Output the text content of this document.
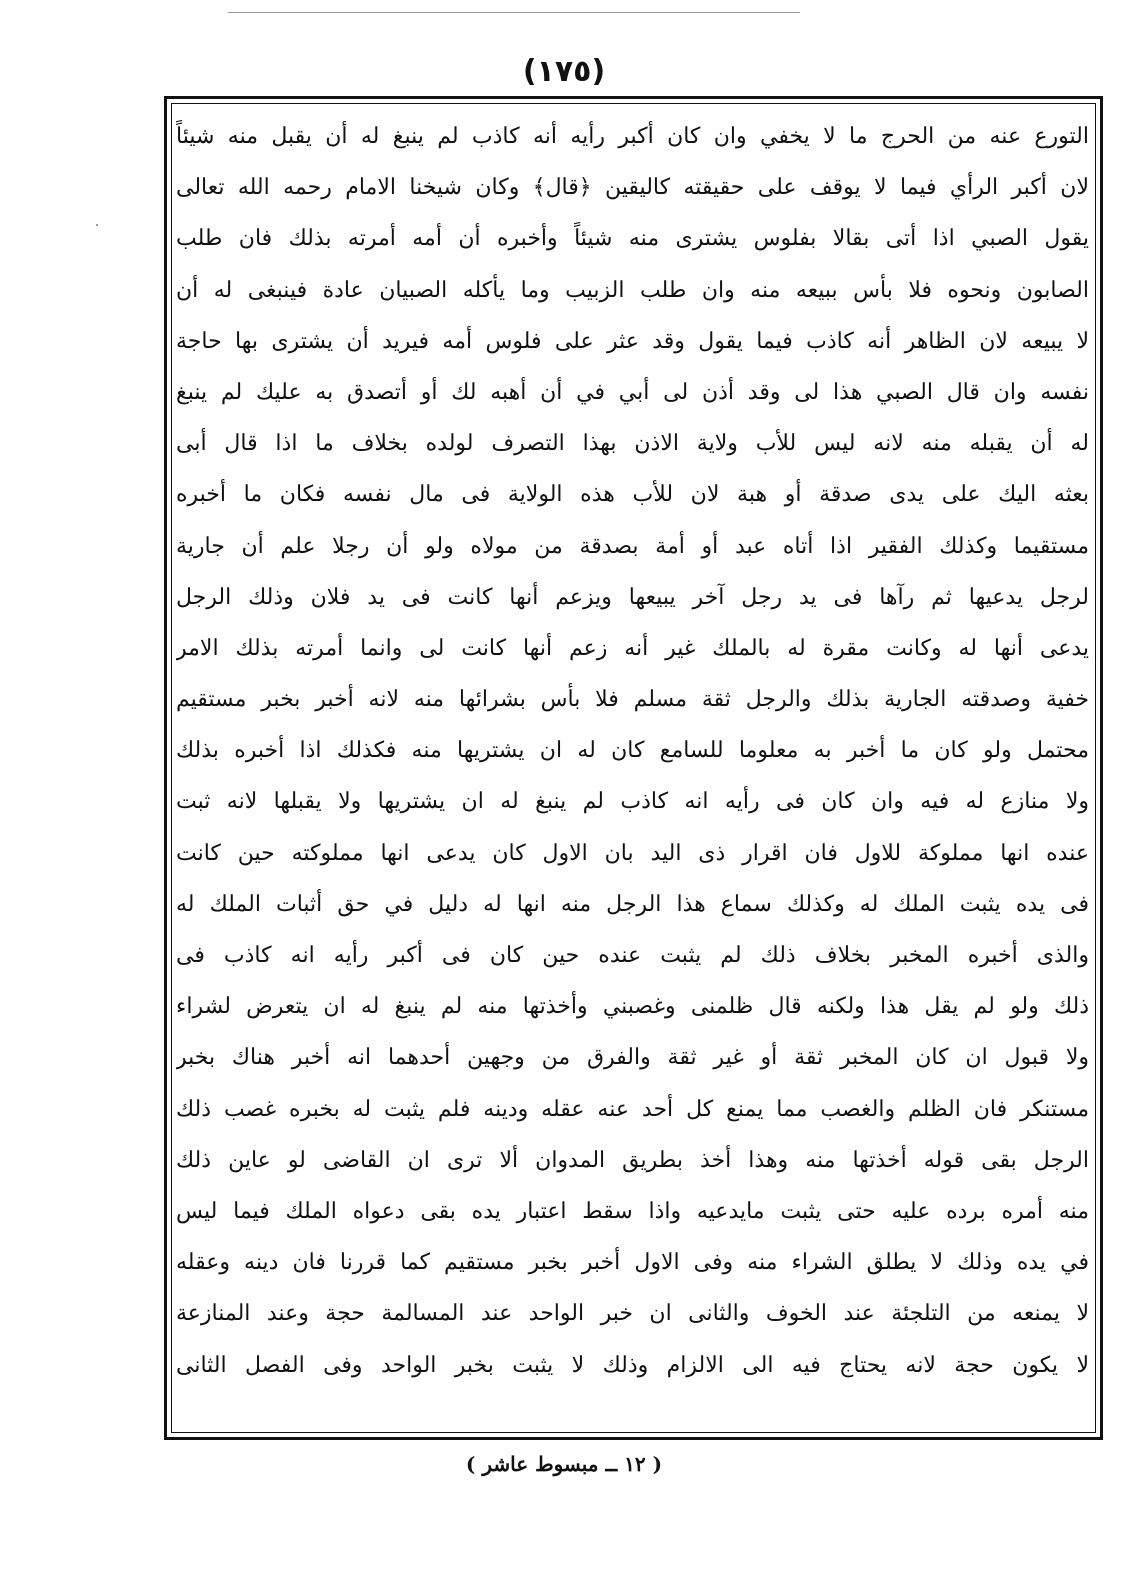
(١٧٥)
التورع عنه من الحرج ما لا يخفي وان كان أكبر رأيه أنه كاذب لم ينبغ له أن يقبل منه شيئاً
لان أكبر الرأي فيما لا يوقف على حقيقته كاليقين ﴿قال﴾ وكان شيخنا الامام رحمه الله تعالى
يقول الصبي اذا أتى بقالا بفلوس يشترى منه شيئاً وأخبره أن أمه أمرته بذلك فان طلب
الصابون ونحوه فلا بأس ببيعه منه وان طلب الزبيب وما يأكله الصبيان عادة فينبغى له أن
لا يبيعه لان الظاهر أنه كاذب فيما يقول وقد عثر على فلوس أمه فيريد أن يشترى بها حاجة
نفسه وان قال الصبي هذا لى وقد أذن لى أبي في أن أهبه لك أو أتصدق به عليك لم ينبغ
له أن يقبله منه لانه ليس للأب ولاية الاذن بهذا التصرف لولده بخلاف ما اذا قال أبى
بعثه اليك على يدى صدقة أو هبة لان للأب هذه الولاية فى مال نفسه فكان ما أخبره
مستقيما وكذلك الفقير اذا أتاه عبد أو أمة بصدقة من مولاه ولو أن رجلا علم أن جارية
لرجل يدعيها ثم رآها فى يد رجل آخر يبيعها ويزعم أنها كانت فى يد فلان وذلك الرجل
يدعى أنها له وكانت مقرة له بالملك غير أنه زعم أنها كانت لى وانما أمرته بذلك الامر
خفية وصدقته الجارية بذلك والرجل ثقة مسلم فلا بأس بشرائها منه لانه أخبر بخبر مستقيم
محتمل ولو كان ما أخبر به معلوما للسامع كان له ان يشتريها منه فكذلك اذا أخبره بذلك
ولا منازع له فيه وان كان فى رأيه انه كاذب لم ينبغ له ان يشتريها ولا يقبلها لانه ثبت
عنده انها مملوكة للاول فان اقرار ذى اليد بان الاول كان يدعى انها مملوكته حين كانت
فى يده يثبت الملك له وكذلك سماع هذا الرجل منه انها له دليل في حق أثبات الملك له
والذى أخبره المخبر بخلاف ذلك لم يثبت عنده حين كان فى أكبر رأيه انه كاذب فى
ذلك ولو لم يقل هذا ولكنه قال ظلمنى وغصبني وأخذتها منه لم ينبغ له ان يتعرض لشراء
ولا قبول ان كان المخبر ثقة أو غير ثقة والفرق من وجهين أحدهما انه أخبر هناك بخبر
مستنكر فان الظلم والغصب مما يمنع كل أحد عنه عقله ودينه فلم يثبت له بخبره غصب ذلك
الرجل بقى قوله أخذتها منه وهذا أخذ بطريق المدوان ألا ترى ان القاضى لو عاين ذلك
منه أمره برده عليه حتى يثبت مايدعيه واذا سقط اعتبار يده بقى دعواه الملك فيما ليس
في يده وذلك لا يطلق الشراء منه وفى الاول أخبر بخبر مستقيم كما قررنا فان دينه وعقله
لا يمنعه من التلجئة عند الخوف والثانى ان خبر الواحد عند المسالمة حجة وعند المنازعة
لا يكون حجة لانه يحتاج فيه الى الالزام وذلك لا يثبت بخبر الواحد وفى الفصل الثانى
( ١٢ ــ مبسوط عاشر )
